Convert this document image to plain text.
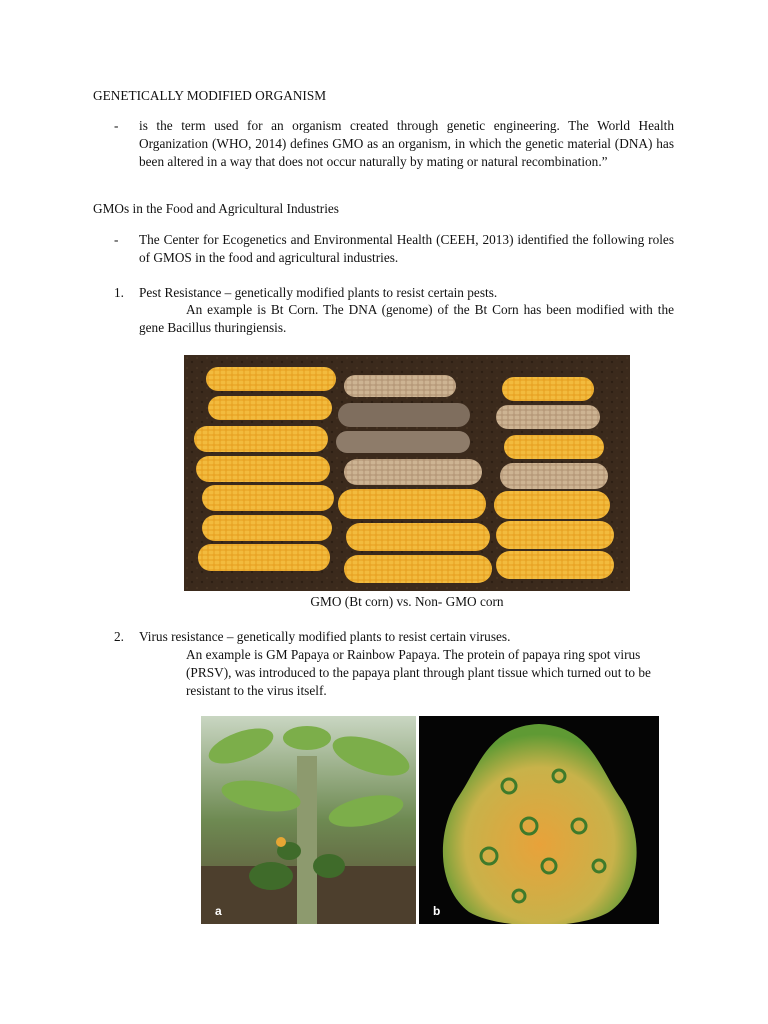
GENETICALLY MODIFIED ORGANISM
- is the term used for an organism created through genetic engineering. The World Health Organization (WHO, 2014) defines GMO as an organism, in which the genetic material (DNA) has been altered in a way that does not occur naturally by mating or natural recombination.”
GMOs in the Food and Agricultural Industries
- The Center for Ecogenetics and Environmental Health (CEEH, 2013) identified the following roles of GMOS in the food and agricultural industries.
1. Pest Resistance – genetically modified plants to resist certain pests.
An example is Bt Corn. The DNA (genome) of the Bt Corn has been modified with the gene Bacillus thuringiensis.
GMO (Bt corn) vs. Non- GMO corn
2. Virus resistance – genetically modified plants to resist certain viruses.
An example is GM Papaya or Rainbow Papaya. The protein of papaya ring spot virus (PRSV), was introduced to the papaya plant through plant tissue which turned out to be resistant to the virus itself.
a	b
